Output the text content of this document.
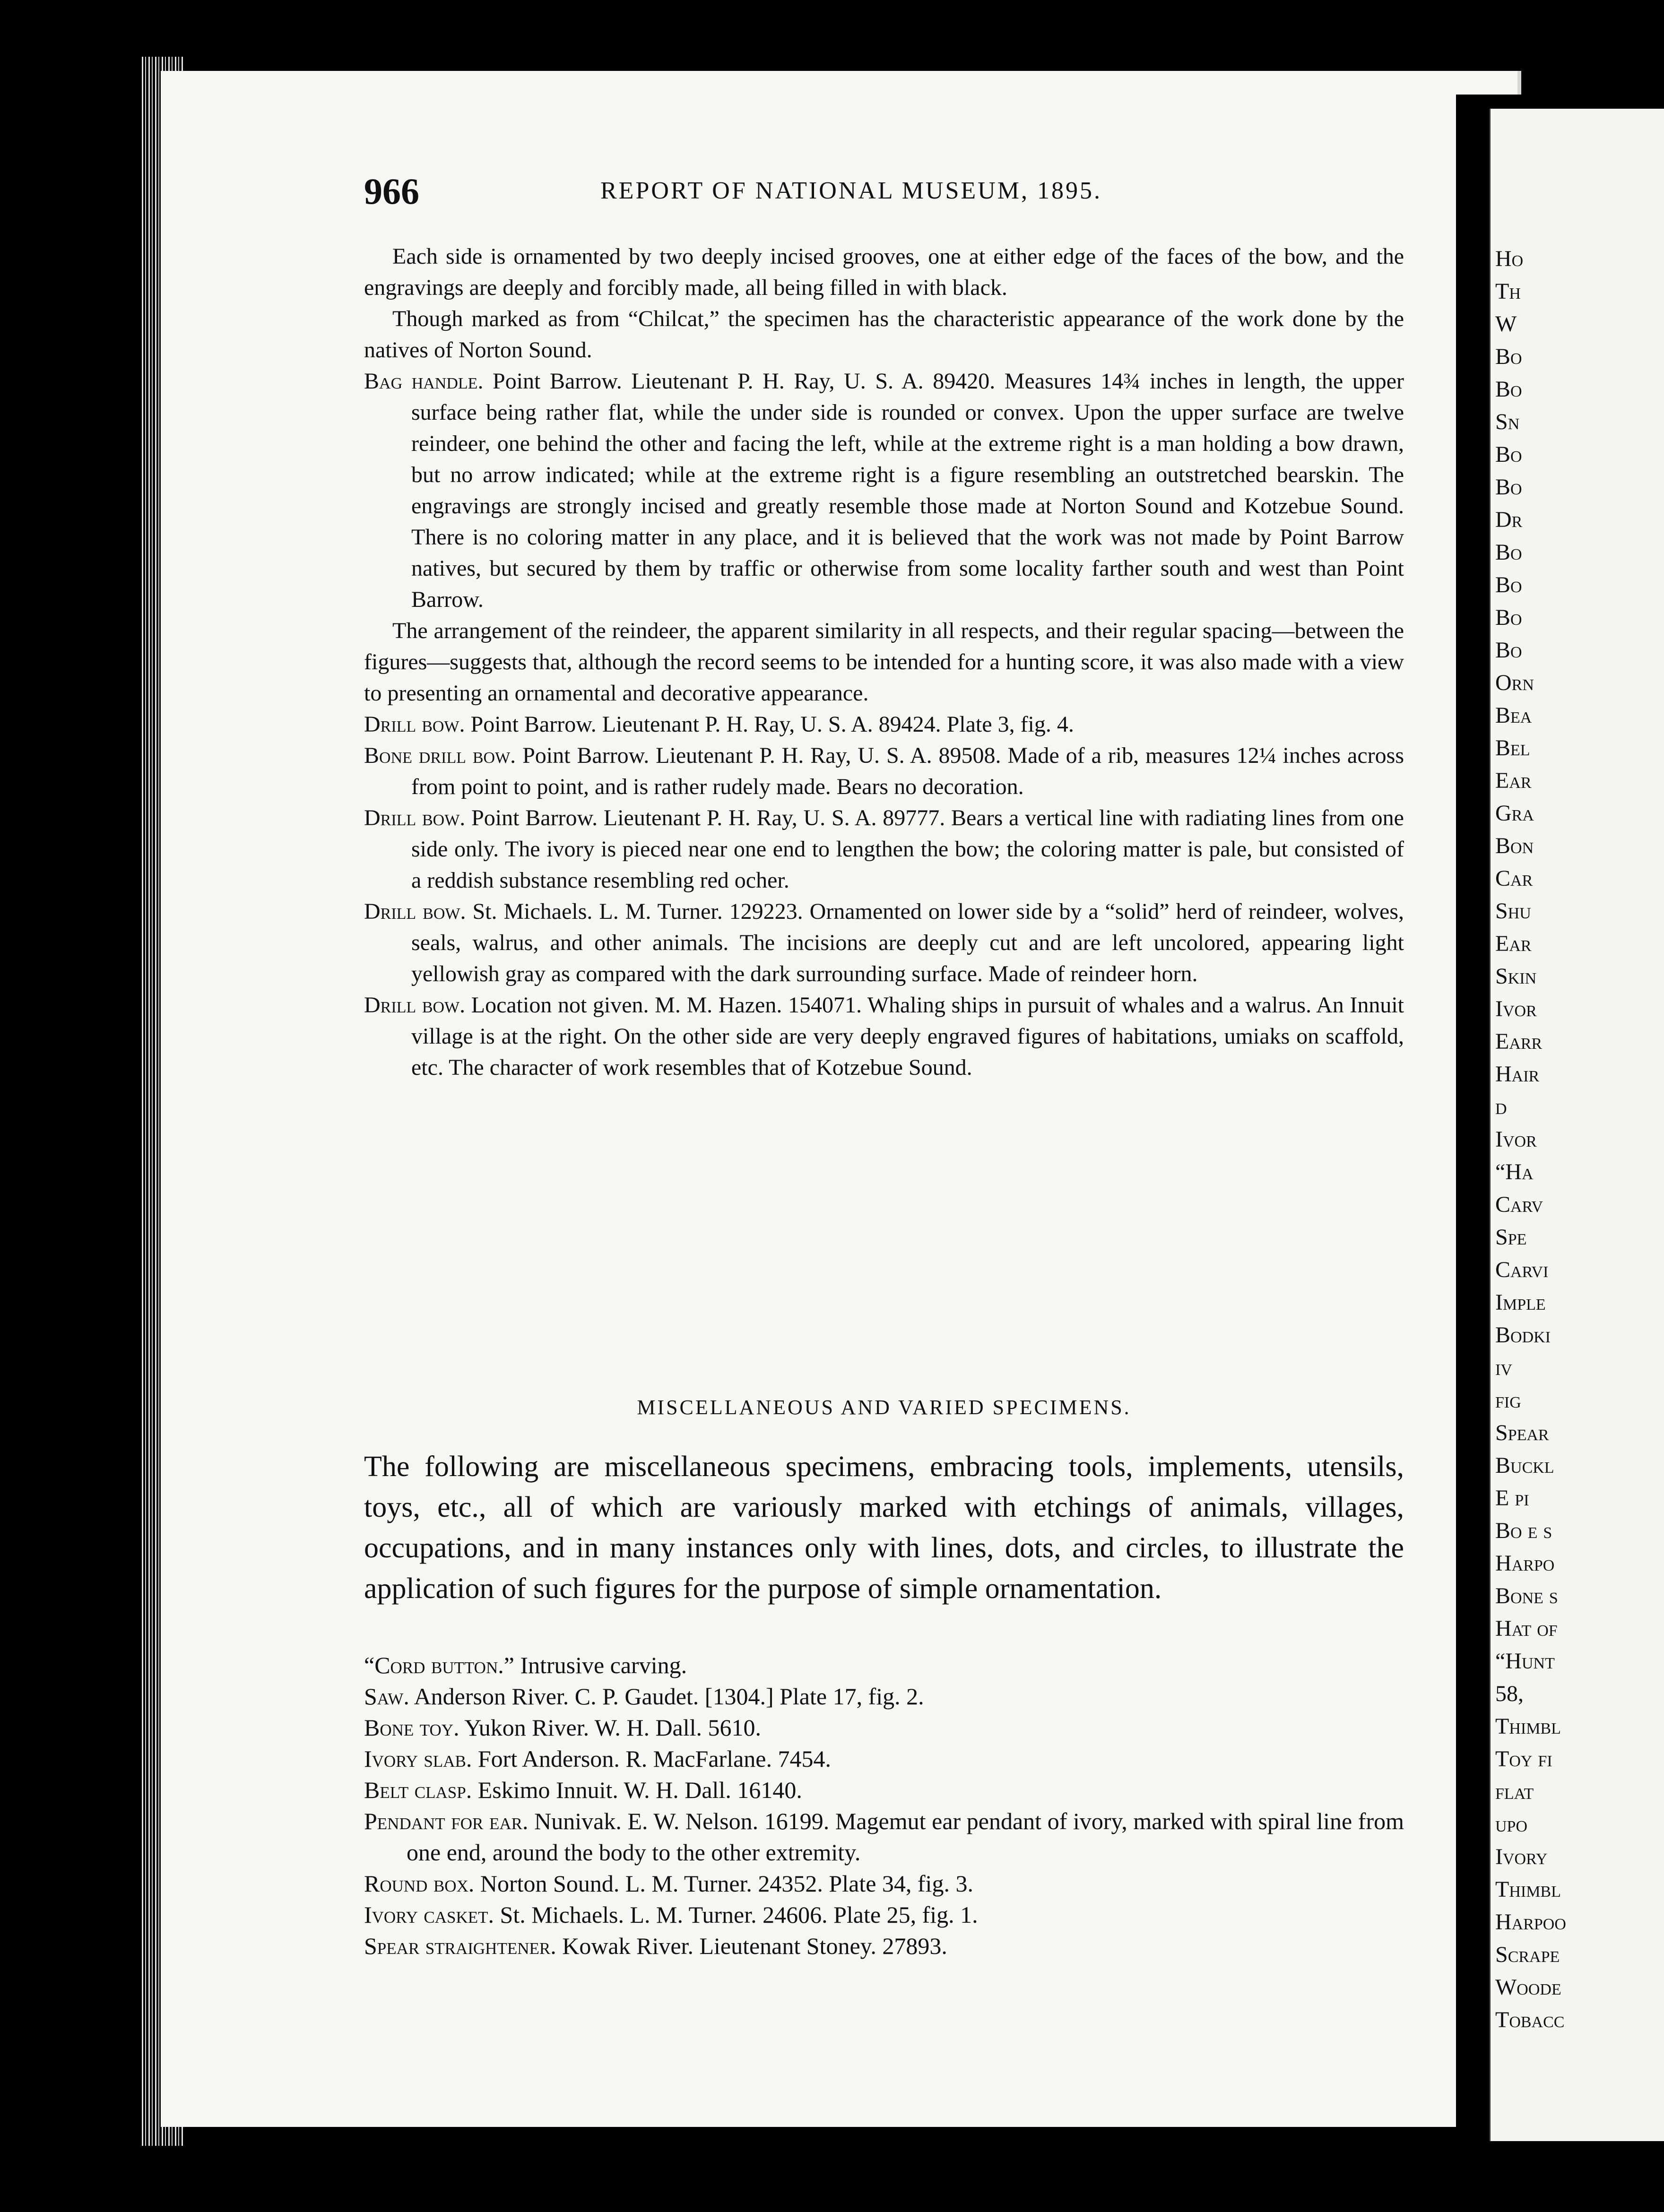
Ho
Th
W
Bo
Bo
Sn
Bo
Bo
Dr
Bo
Bo
Bo
Bo
Orn
Bea
Bel
Ear
Gra
Bon
Car
Shu
Ear
Skin
Ivor
Earr
Hair
d
Ivor
“Ha
Carv
Spe
Carvi
Imple
Bodki
iv
fig
Spear
Buckl
E pi
Bo e s
Harpo
Bone s
Hat of
“Hunt
58,
Thimbl
Toy fi
flat
upo
Ivory
Thimbl
Harpoo
Scrape
Woode
Tobacc
966	REPORT OF NATIONAL MUSEUM, 1895.

Each side is ornamented by two deeply incised grooves, one at either edge of the faces of the bow, and the engravings are deeply and forcibly made, all being filled in with black.

Though marked as from “Chilcat,” the specimen has the characteristic appearance of the work done by the natives of Norton Sound.

Bag handle. Point Barrow. Lieutenant P. H. Ray, U. S. A. 89420. Measures 14¾ inches in length, the upper surface being rather flat, while the under side is rounded or convex. Upon the upper surface are twelve reindeer, one behind the other and facing the left, while at the extreme right is a man holding a bow drawn, but no arrow indicated; while at the extreme right is a figure resembling an outstretched bearskin. The engravings are strongly incised and greatly resemble those made at Norton Sound and Kotzebue Sound. There is no coloring matter in any place, and it is believed that the work was not made by Point Barrow natives, but secured by them by traffic or otherwise from some locality farther south and west than Point Barrow.

The arrangement of the reindeer, the apparent similarity in all respects, and their regular spacing—between the figures—suggests that, although the record seems to be intended for a hunting score, it was also made with a view to presenting an ornamental and decorative appearance.

Drill bow. Point Barrow. Lieutenant P. H. Ray, U. S. A. 89424. Plate 3, fig. 4.

Bone drill bow. Point Barrow. Lieutenant P. H. Ray, U. S. A. 89508. Made of a rib, measures 12¼ inches across from point to point, and is rather rudely made. Bears no decoration.

Drill bow. Point Barrow. Lieutenant P. H. Ray, U. S. A. 89777. Bears a vertical line with radiating lines from one side only. The ivory is pieced near one end to lengthen the bow; the coloring matter is pale, but consisted of a reddish substance resembling red ocher.

Drill bow. St. Michaels. L. M. Turner. 129223. Ornamented on lower side by a “solid” herd of reindeer, wolves, seals, walrus, and other animals. The incisions are deeply cut and are left uncolored, appearing light yellowish gray as compared with the dark surrounding surface. Made of reindeer horn.

Drill bow. Location not given. M. M. Hazen. 154071. Whaling ships in pursuit of whales and a walrus. An Innuit village is at the right. On the other side are very deeply engraved figures of habitations, umiaks on scaffold, etc. The character of work resembles that of Kotzebue Sound.

MISCELLANEOUS AND VARIED SPECIMENS.
The following are miscellaneous specimens, embracing tools, implements, utensils, toys, etc., all of which are variously marked with etchings of animals, villages, occupations, and in many instances only with lines, dots, and circles, to illustrate the application of such figures for the purpose of simple ornamentation.

“Cord button.” Intrusive carving.

Saw. Anderson River. C. P. Gaudet. [1304.] Plate 17, fig. 2.

Bone toy. Yukon River. W. H. Dall. 5610.

Ivory slab. Fort Anderson. R. MacFarlane. 7454.

Belt clasp. Eskimo Innuit. W. H. Dall. 16140.

Pendant for ear. Nunivak. E. W. Nelson. 16199. Magemut ear pendant of ivory, marked with spiral line from one end, around the body to the other extremity.

Round box. Norton Sound. L. M. Turner. 24352. Plate 34, fig. 3.

Ivory casket. St. Michaels. L. M. Turner. 24606. Plate 25, fig. 1.

Spear straightener. Kowak River. Lieutenant Stoney. 27893.
